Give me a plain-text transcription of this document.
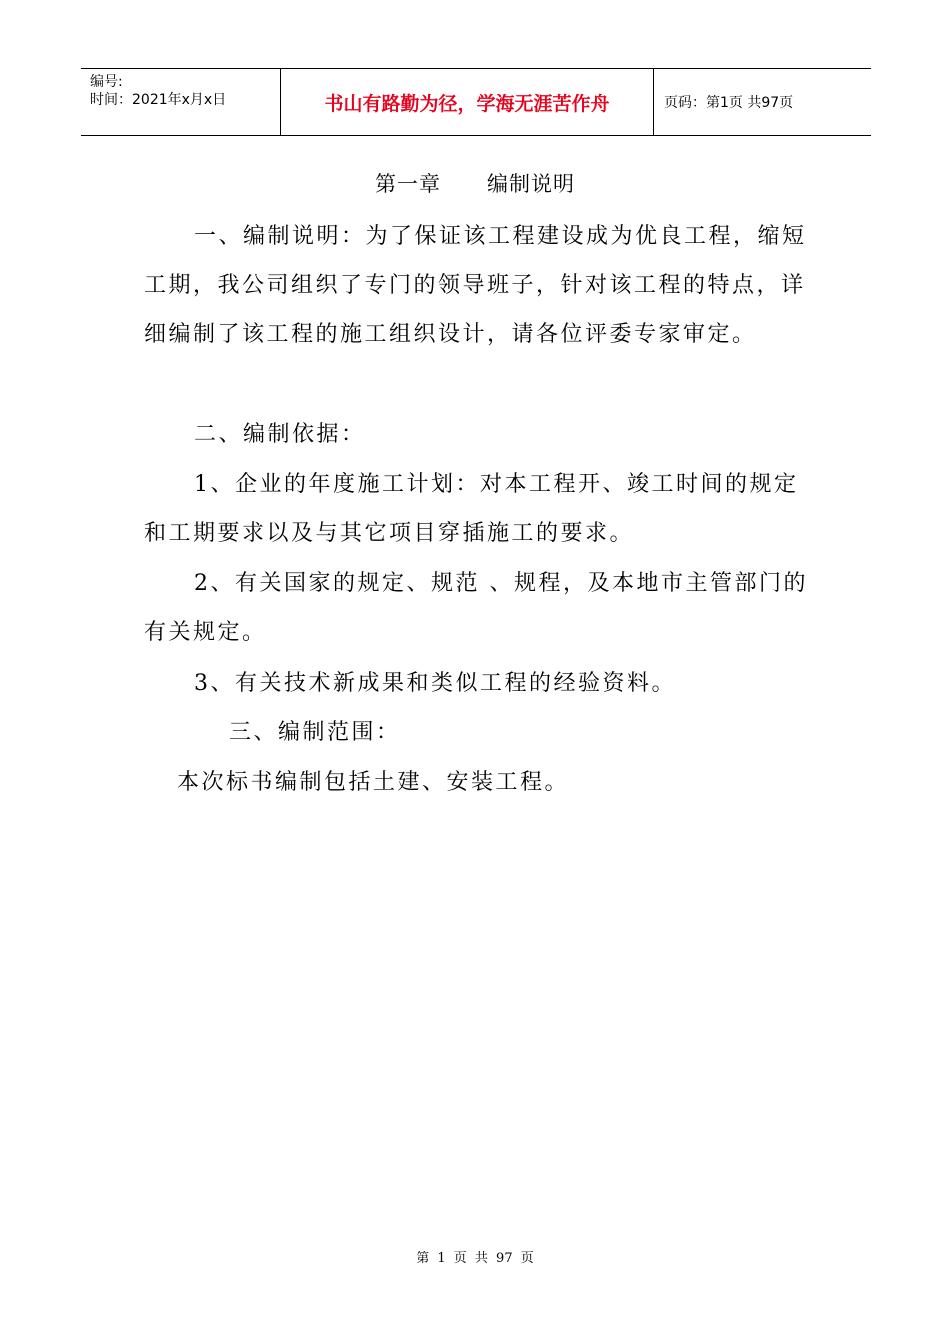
编号:
时间：2021年x月x日	书山有路勤为径，学海无涯苦作舟	页码：第1页 共97页
第一章      编制说明

一、编制说明：为了保证该工程建设成为优良工程，缩短工期，我公司组织了专门的领导班子，针对该工程的特点，详细编制了该工程的施工组织设计，请各位评委专家审定。

二、编制依据：

1、企业的年度施工计划：对本工程开、竣工时间的规定和工期要求以及与其它项目穿插施工的要求。

2、有关国家的规定、规范 、规程，及本地市主管部门的有关规定。

3、有关技术新成果和类似工程的经验资料。

三、编制范围：

本次标书编制包括土建、安装工程。

第 1 页 共 97 页
